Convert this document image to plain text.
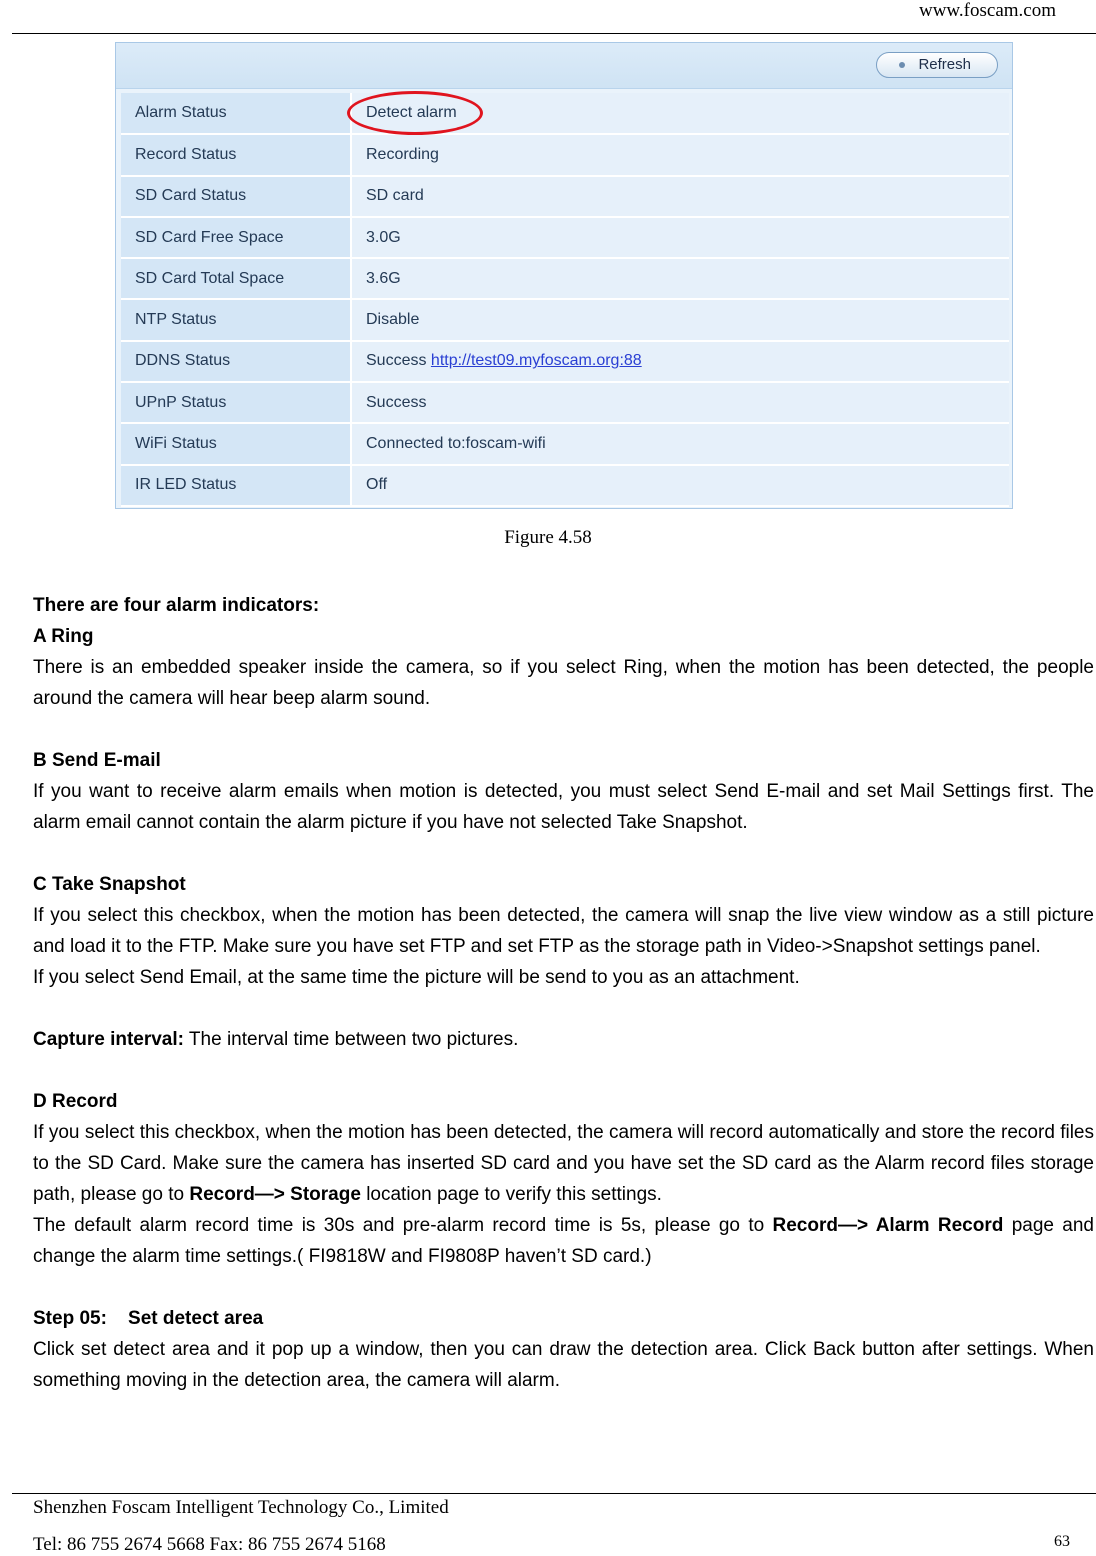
www.foscam.com
Refresh
Alarm Status	Detect alarm
Record Status	Recording
SD Card Status	SD card
SD Card Free Space	3.0G
SD Card Total Space	3.6G
NTP Status	Disable
DDNS Status	Success http://test09.myfoscam.org:88
UPnP Status	Success
WiFi Status	Connected to:foscam-wifi
IR LED Status	Off
Figure 4.58

There are four alarm indicators:

A Ring

There is an embedded speaker inside the camera, so if you select Ring, when the motion has been detected, the people around the camera will hear beep alarm sound.

B Send E-mail

If you want to receive alarm emails when motion is detected, you must select Send E-mail and set Mail Settings first. The alarm email cannot contain the alarm picture if you have not selected Take Snapshot.

C Take Snapshot

If you select this checkbox, when the motion has been detected, the camera will snap the live view window as a still picture and load it to the FTP. Make sure you have set FTP and set FTP as the storage path in Video->Snapshot settings panel.

If you select Send Email, at the same time the picture will be send to you as an attachment.

Capture interval: The interval time between two pictures.

D Record

If you select this checkbox, when the motion has been detected, the camera will record automatically and store the record files to the SD Card. Make sure the camera has inserted SD card and you have set the SD card as the Alarm record files storage path, please go to Record—> Storage location page to verify this settings.

The default alarm record time is 30s and pre-alarm record time is 5s, please go to Record—> Alarm Record page and change the alarm time settings.( FI9818W and FI9808P haven’t SD card.)

Step 05:    Set detect area

Click set detect area and it pop up a window, then you can draw the detection area. Click Back button after settings. When something moving in the detection area, the camera will alarm.

Shenzhen Foscam Intelligent Technology Co., Limited
Tel: 86 755 2674 5668 Fax: 86 755 2674 5168	63
